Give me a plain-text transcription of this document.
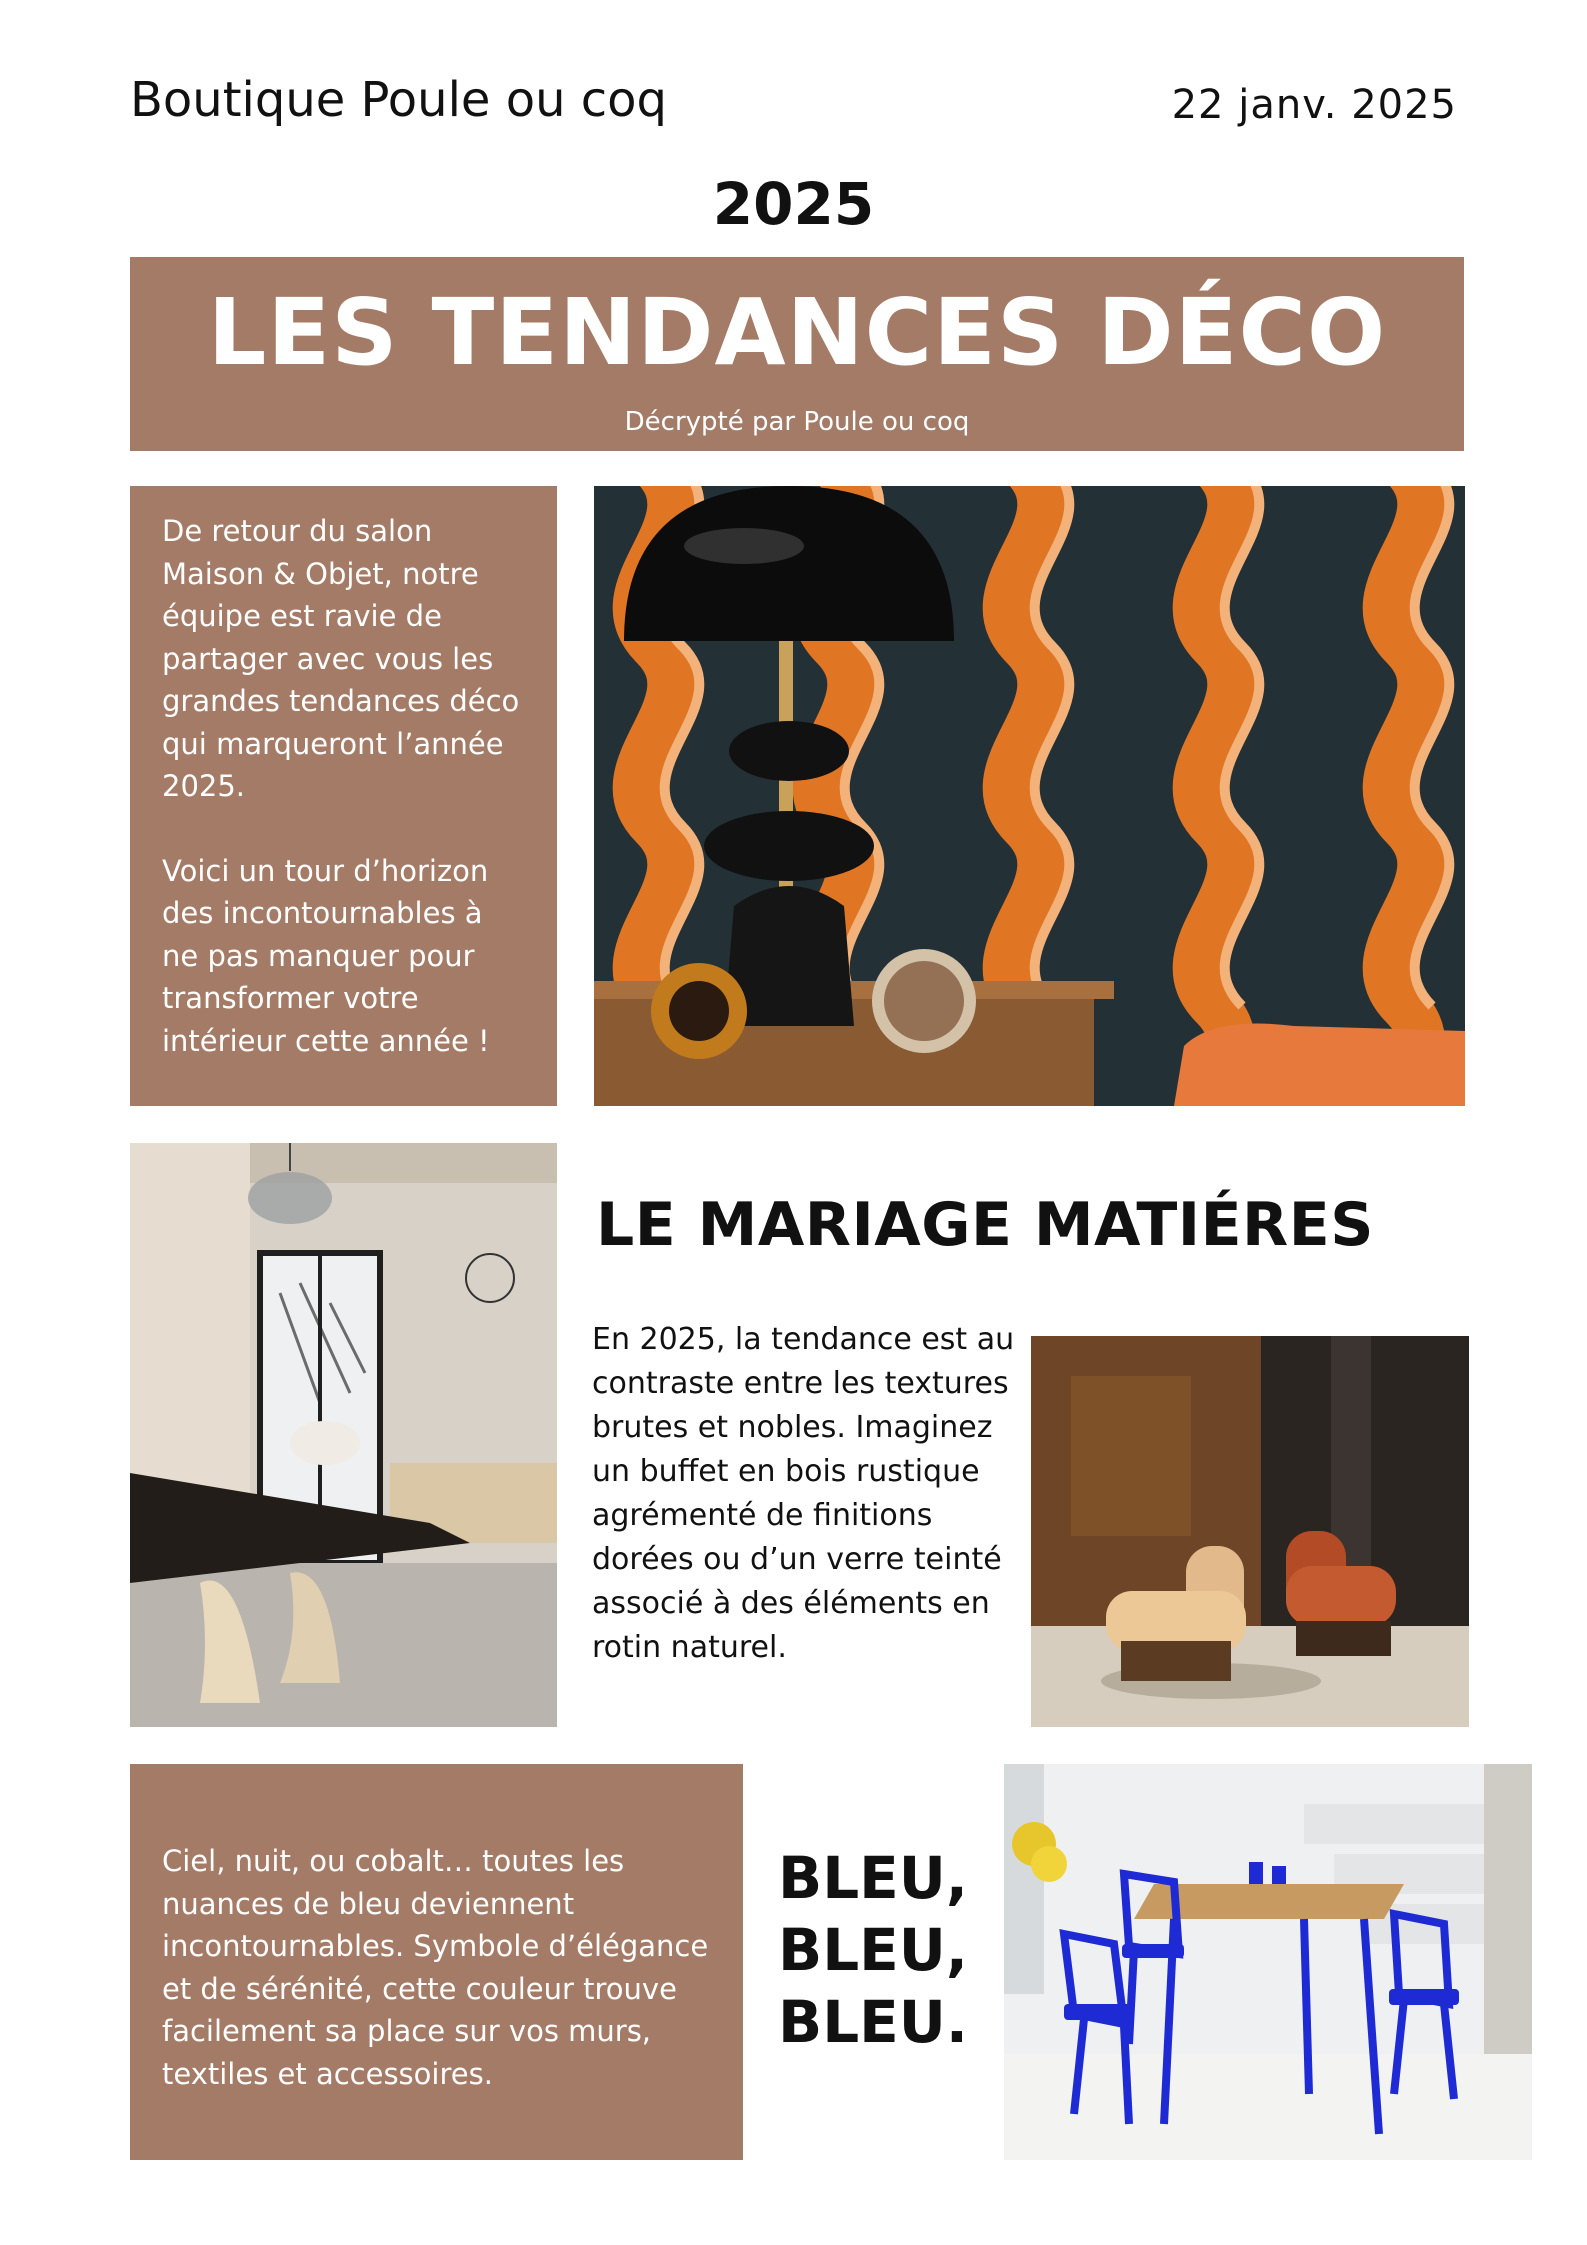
Boutique Poule ou coq	22 janv. 2025
2025
LES TENDANCES DÉCO
Décrypté par Poule ou coq

De retour du salon Maison & Objet, notre équipe est ravie de partager avec vous les grandes tendances déco qui marqueront l’année 2025.

Voici un tour d’horizon des incontournables à ne pas manquer pour transformer votre intérieur cette année !

LE MARIAGE MATIÉRES
En 2025, la tendance est au contraste entre les textures brutes et nobles. Imaginez un buffet en bois rustique agrémenté de finitions dorées ou d’un verre teinté associé à des éléments en rotin naturel.
Ciel, nuit, ou cobalt… toutes les nuances de bleu deviennent incontournables. Symbole d’élégance et de sérénité, cette couleur trouve facilement sa place sur vos murs, textiles et accessoires.
BLEU,
BLEU,
BLEU.
